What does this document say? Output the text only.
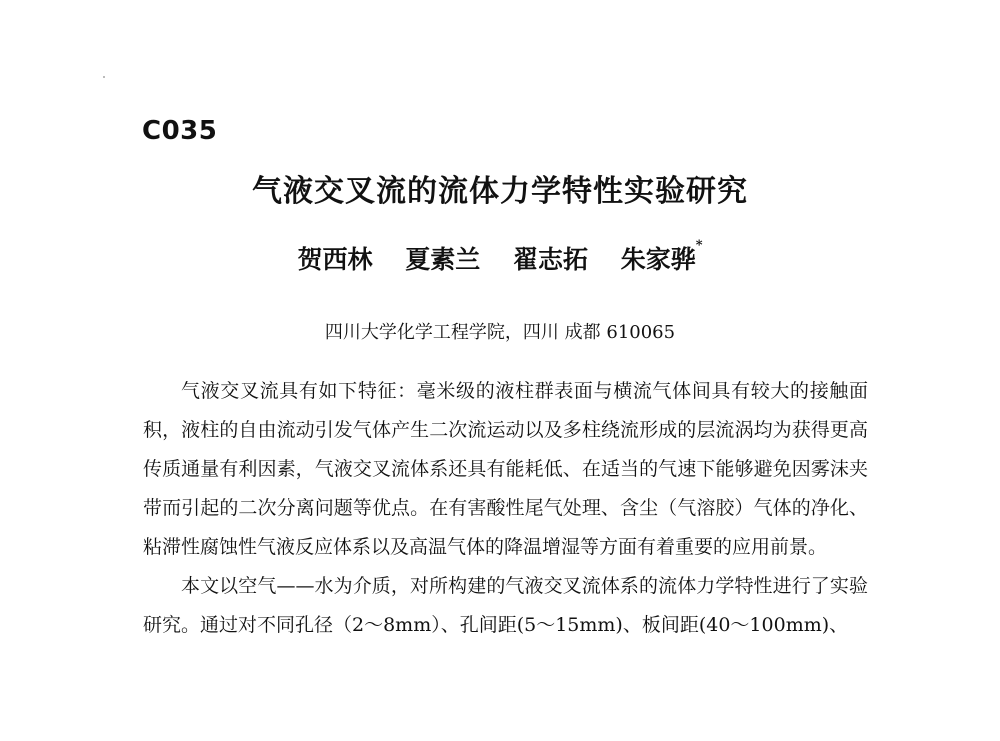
C035
气液交叉流的流体力学特性实验研究
贺西林 夏素兰 翟志拓 朱家骅*
四川大学化学工程学院，四川 成都 610065

气液交叉流具有如下特征：毫米级的液柱群表面与横流气体间具有较大的接触面积，液柱的自由流动引发气体产生二次流运动以及多柱绕流形成的层流涡均为获得更高传质通量有利因素，气液交叉流体系还具有能耗低、在适当的气速下能够避免因雾沫夹带而引起的二次分离问题等优点。在有害酸性尾气处理、含尘（气溶胶）气体的净化、粘滞性腐蚀性气液反应体系以及高温气体的降温增湿等方面有着重要的应用前景。

本文以空气——水为介质，对所构建的气液交叉流体系的流体力学特性进行了实验研究。通过对不同孔径（2～8mm）、孔间距(5～15mm)、板间距(40～100mm)、
